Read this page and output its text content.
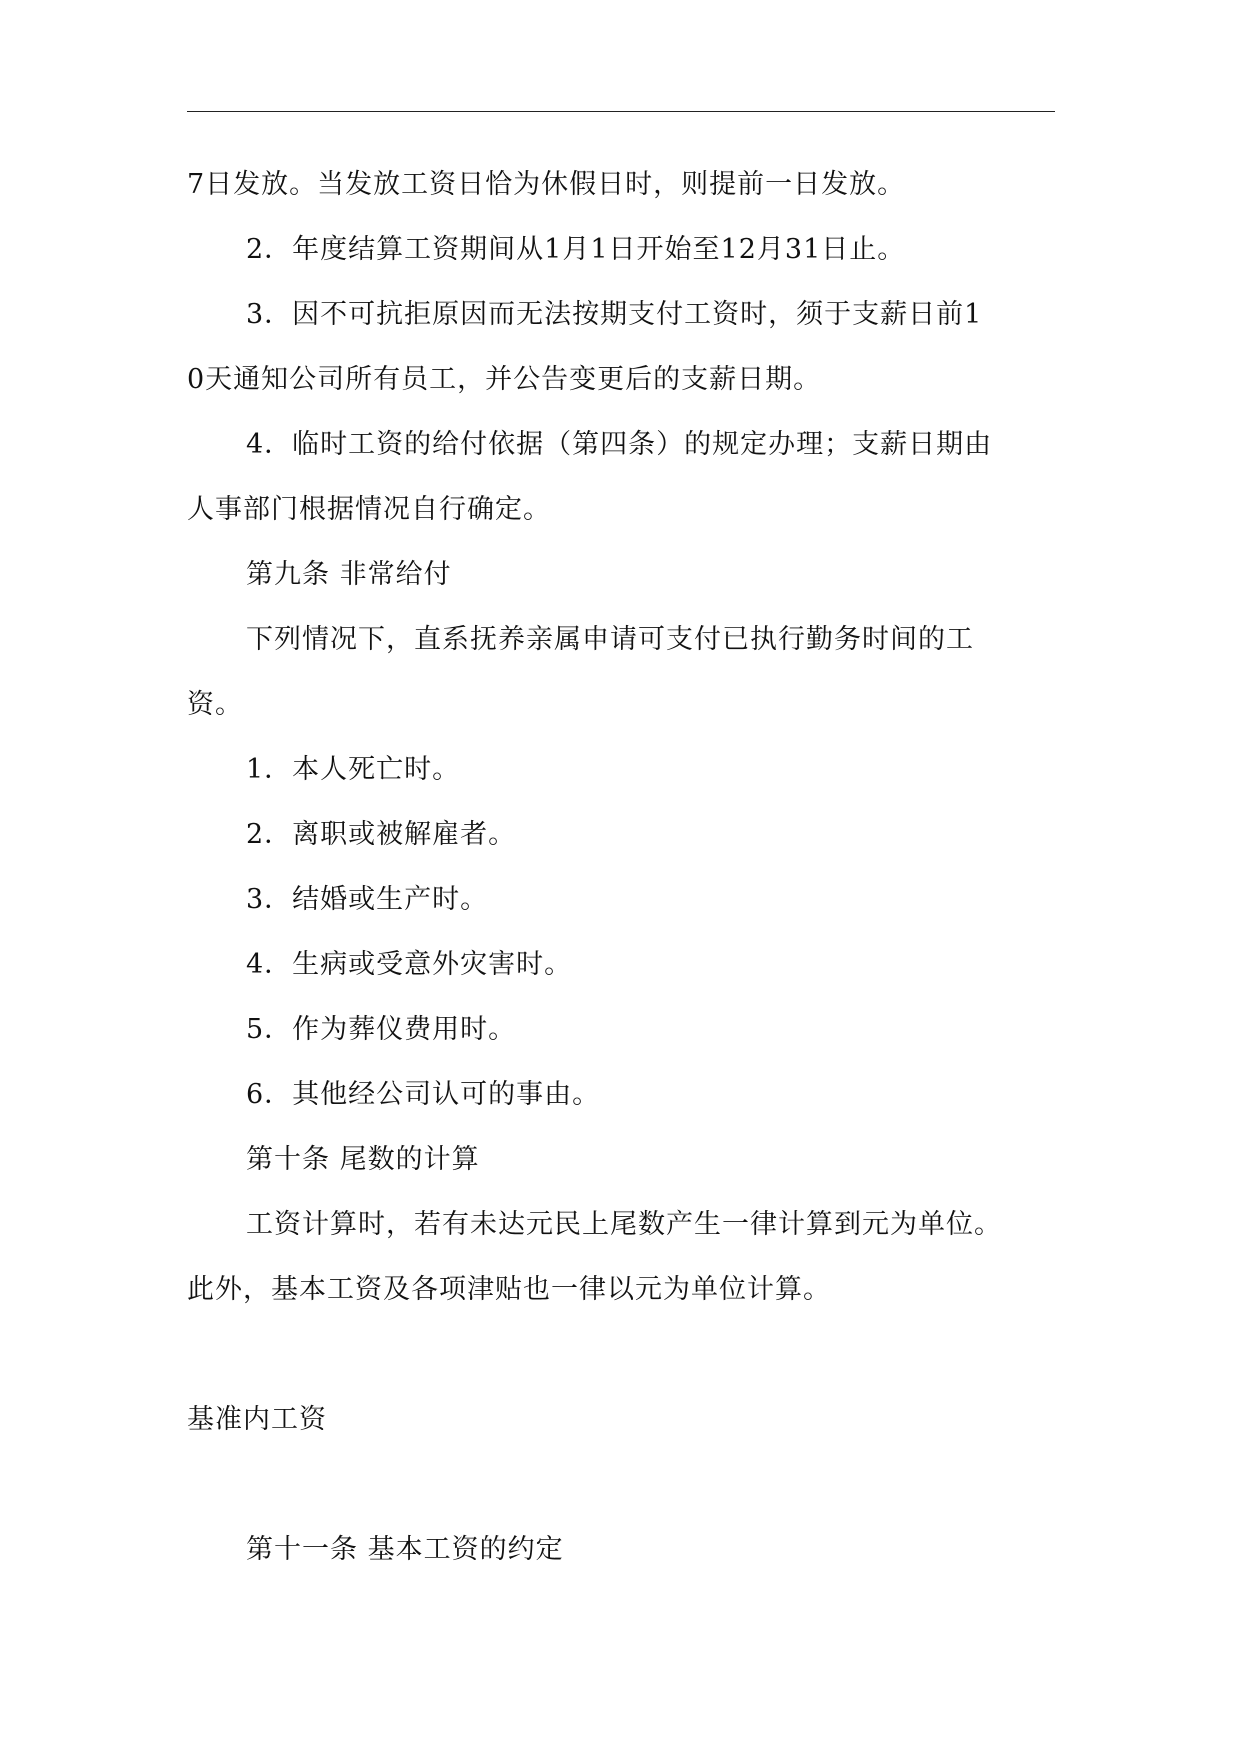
7日发放。当发放工资日恰为休假日时，则提前一日发放。
2．年度结算工资期间从1月1日开始至12月31日止。
3．因不可抗拒原因而无法按期支付工资时，须于支薪日前1
0天通知公司所有员工，并公告变更后的支薪日期。
4．临时工资的给付依据（第四条）的规定办理；支薪日期由
人事部门根据情况自行确定。
第九条 非常给付
下列情况下，直系抚养亲属申请可支付已执行勤务时间的工
资。
1．本人死亡时。
2．离职或被解雇者。
3．结婚或生产时。
4．生病或受意外灾害时。
5．作为葬仪费用时。
6．其他经公司认可的事由。
第十条 尾数的计算
工资计算时，若有未达元民上尾数产生一律计算到元为单位。
此外，基本工资及各项津贴也一律以元为单位计算。
基准内工资
第十一条 基本工资的约定
